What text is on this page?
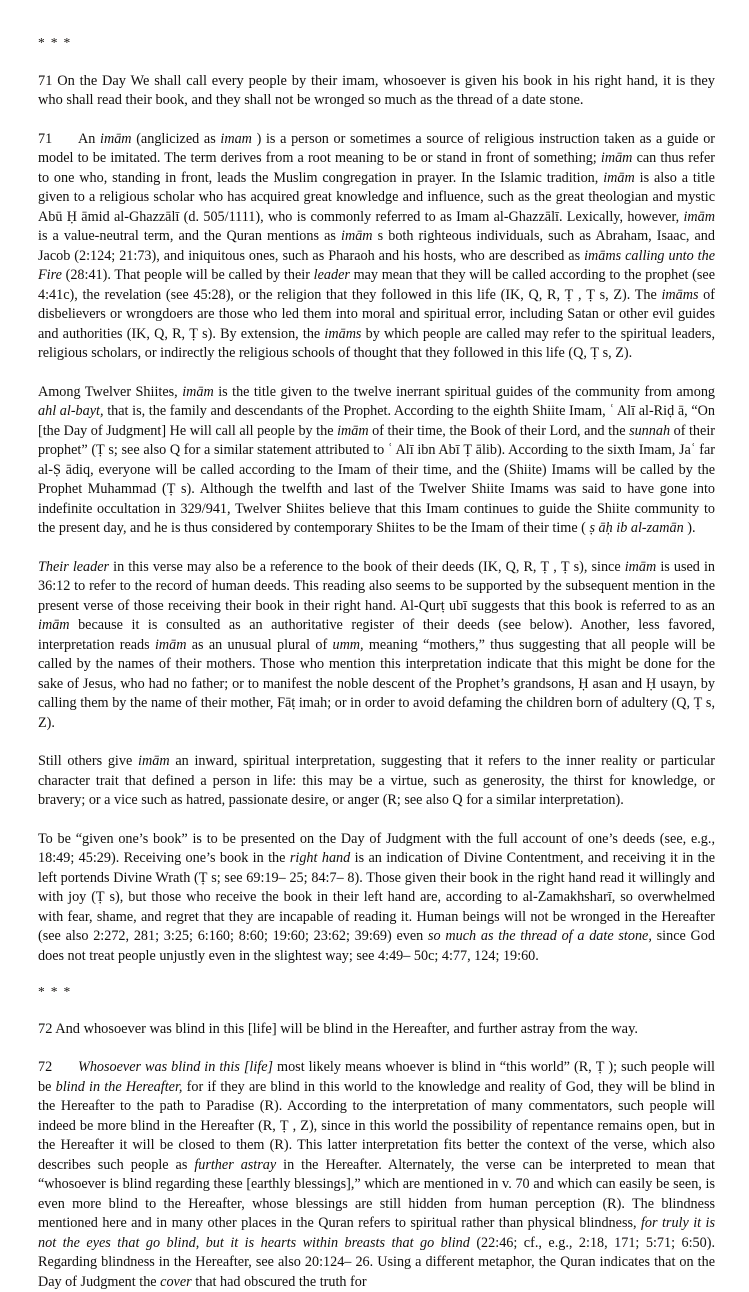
* * *

71 On the Day We shall call every people by their imam, whosoever is given his book in his right hand, it is they who shall read their book, and they shall not be wronged so much as the thread of a date stone.

71 An imām (anglicized as imam ) is a person or sometimes a source of religious instruction taken as a guide or model to be imitated. The term derives from a root meaning to be or stand in front of something; imām can thus refer to one who, standing in front, leads the Muslim congregation in prayer. In the Islamic tradition, imām is also a title given to a religious scholar who has acquired great knowledge and influence, such as the great theologian and mystic Abū Ḥ āmid al-Ghazzālī (d. 505/1111), who is commonly referred to as Imam al-Ghazzālī. Lexically, however, imām is a value-neutral term, and the Quran mentions as imām s both righteous individuals, such as Abraham, Isaac, and Jacob (2:124; 21:73), and iniquitous ones, such as Pharaoh and his hosts, who are described as imāms calling unto the Fire (28:41). That people will be called by their leader may mean that they will be called according to the prophet (see 4:41c), the revelation (see 45:28), or the religion that they followed in this life (IK, Q, R, Ṭ , Ṭ s, Z). The imāms of disbelievers or wrongdoers are those who led them into moral and spiritual error, including Satan or other evil guides and authorities (IK, Q, R, Ṭ s). By extension, the imāms by which people are called may refer to the spiritual leaders, religious scholars, or indirectly the religious schools of thought that they followed in this life (Q, Ṭ s, Z).

Among Twelver Shiites, imām is the title given to the twelve inerrant spiritual guides of the community from among ahl al-bayt, that is, the family and descendants of the Prophet. According to the eighth Shiite Imam, ʿ Alī al-Riḍ ā, “On [the Day of Judgment] He will call all people by the imām of their time, the Book of their Lord, and the sunnah of their prophet” (Ṭ s; see also Q for a similar statement attributed to ʿ Alī ibn Abī Ṭ ālib). According to the sixth Imam, Jaʿ far al-Ṣ ādiq, everyone will be called according to the Imam of their time, and the (Shiite) Imams will be called by the Prophet Muhammad (Ṭ s). Although the twelfth and last of the Twelver Shiite Imams was said to have gone into indefinite occultation in 329/941, Twelver Shiites believe that this Imam continues to guide the Shiite community to the present day, and he is thus considered by contemporary Shiites to be the Imam of their time ( ṣ āḥ ib al-zamān ).

Their leader in this verse may also be a reference to the book of their deeds (IK, Q, R, Ṭ , Ṭ s), since imām is used in 36:12 to refer to the record of human deeds. This reading also seems to be supported by the subsequent mention in the present verse of those receiving their book in their right hand. Al-Qurṭ ubī suggests that this book is referred to as an imām because it is consulted as an authoritative register of their deeds (see below). Another, less favored, interpretation reads imām as an unusual plural of umm, meaning “mothers,” thus suggesting that all people will be called by the names of their mothers. Those who mention this interpretation indicate that this might be done for the sake of Jesus, who had no father; or to manifest the noble descent of the Prophet’s grandsons, Ḥ asan and Ḥ usayn, by calling them by the name of their mother, Fāṭ imah; or in order to avoid defaming the children born of adultery (Q, Ṭ s, Z).

Still others give imām an inward, spiritual interpretation, suggesting that it refers to the inner reality or particular character trait that defined a person in life: this may be a virtue, such as generosity, the thirst for knowledge, or bravery; or a vice such as hatred, passionate desire, or anger (R; see also Q for a similar interpretation).

To be “given one’s book” is to be presented on the Day of Judgment with the full account of one’s deeds (see, e.g., 18:49; 45:29). Receiving one’s book in the right hand is an indication of Divine Contentment, and receiving it in the left portends Divine Wrath (Ṭ s; see 69:19– 25; 84:7– 8). Those given their book in the right hand read it willingly and with joy (Ṭ s), but those who receive the book in their left hand are, according to al-Zamakhsharī, so overwhelmed with fear, shame, and regret that they are incapable of reading it. Human beings will not be wronged in the Hereafter (see also 2:272, 281; 3:25; 6:160; 8:60; 19:60; 23:62; 39:69) even so much as the thread of a date stone, since God does not treat people unjustly even in the slightest way; see 4:49– 50c; 4:77, 124; 19:60.

* * *

72 And whosoever was blind in this [life] will be blind in the Hereafter, and further astray from the way.

72 Whosoever was blind in this [life] most likely means whoever is blind in “this world” (R, Ṭ ); such people will be blind in the Hereafter, for if they are blind in this world to the knowledge and reality of God, they will be blind in the Hereafter to the path to Paradise (R). According to the interpretation of many commentators, such people will indeed be more blind in the Hereafter (R, Ṭ , Z), since in this world the possibility of repentance remains open, but in the Hereafter it will be closed to them (R). This latter interpretation fits better the context of the verse, which also describes such people as further astray in the Hereafter. Alternately, the verse can be interpreted to mean that “whosoever is blind regarding these [earthly blessings],” which are mentioned in v. 70 and which can easily be seen, is even more blind to the Hereafter, whose blessings are still hidden from human perception (R). The blindness mentioned here and in many other places in the Quran refers to spiritual rather than physical blindness, for truly it is not the eyes that go blind, but it is hearts within breasts that go blind (22:46; cf., e.g., 2:18, 171; 5:71; 6:50). Regarding blindness in the Hereafter, see also 20:124– 26. Using a different metaphor, the Quran indicates that on the Day of Judgment the cover that had obscured the truth for
